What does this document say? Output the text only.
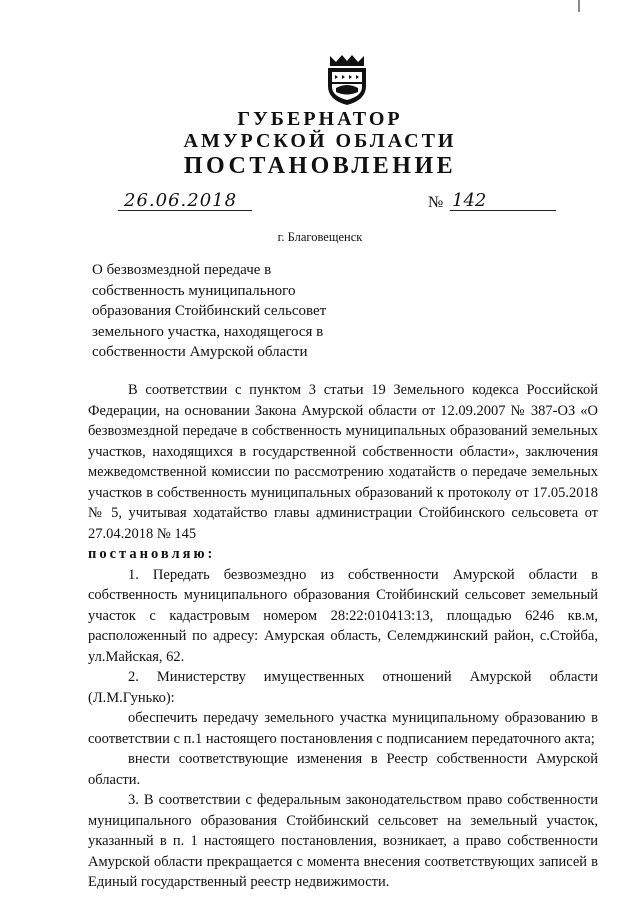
ГУБЕРНАТОР
АМУРСКОЙ ОБЛАСТИ
ПОСТАНОВЛЕНИЕ
26.06.2018	№ 142
г. Благовещенск
О безвозмездной передаче в
собственность муниципального
образования Стойбинский сельсовет
земельного участка, находящегося в
собственности Амурской области

В соответствии с пунктом 3 статьи 19 Земельного кодекса Российской Федерации, на основании Закона Амурской области от 12.09.2007 № 387-ОЗ «О безвозмездной передаче в собственность муниципальных образований земельных участков, находящихся в государственной собственности области», заключения межведомственной комиссии по рассмотрению ходатайств о передаче земельных участков в собственность муниципальных образований к протоколу от 17.05.2018 № 5, учитывая ходатайство главы администрации Стойбинского сельсовета от 27.04.2018 № 145

постановляю:

1. Передать безвозмездно из собственности Амурской области в собственность муниципального образования Стойбинский сельсовет земельный участок с кадастровым номером 28:22:010413:13, площадью 6246 кв.м, расположенный по адресу: Амурская область, Селемджинский район, с.Стойба, ул.Майская, 62.

2. Министерству имущественных отношений Амурской области (Л.М.Гунько):

обеспечить передачу земельного участка муниципальному образованию в соответствии с п.1 настоящего постановления с подписанием передаточного акта;

внести соответствующие изменения в Реестр собственности Амурской области.

3. В соответствии с федеральным законодательством право собственности муниципального образования Стойбинский сельсовет на земельный участок, указанный в п. 1 настоящего постановления, возникает, а право собственности Амурской области прекращается с момента внесения соответствующих записей в Единый государственный реестр недвижимости.
